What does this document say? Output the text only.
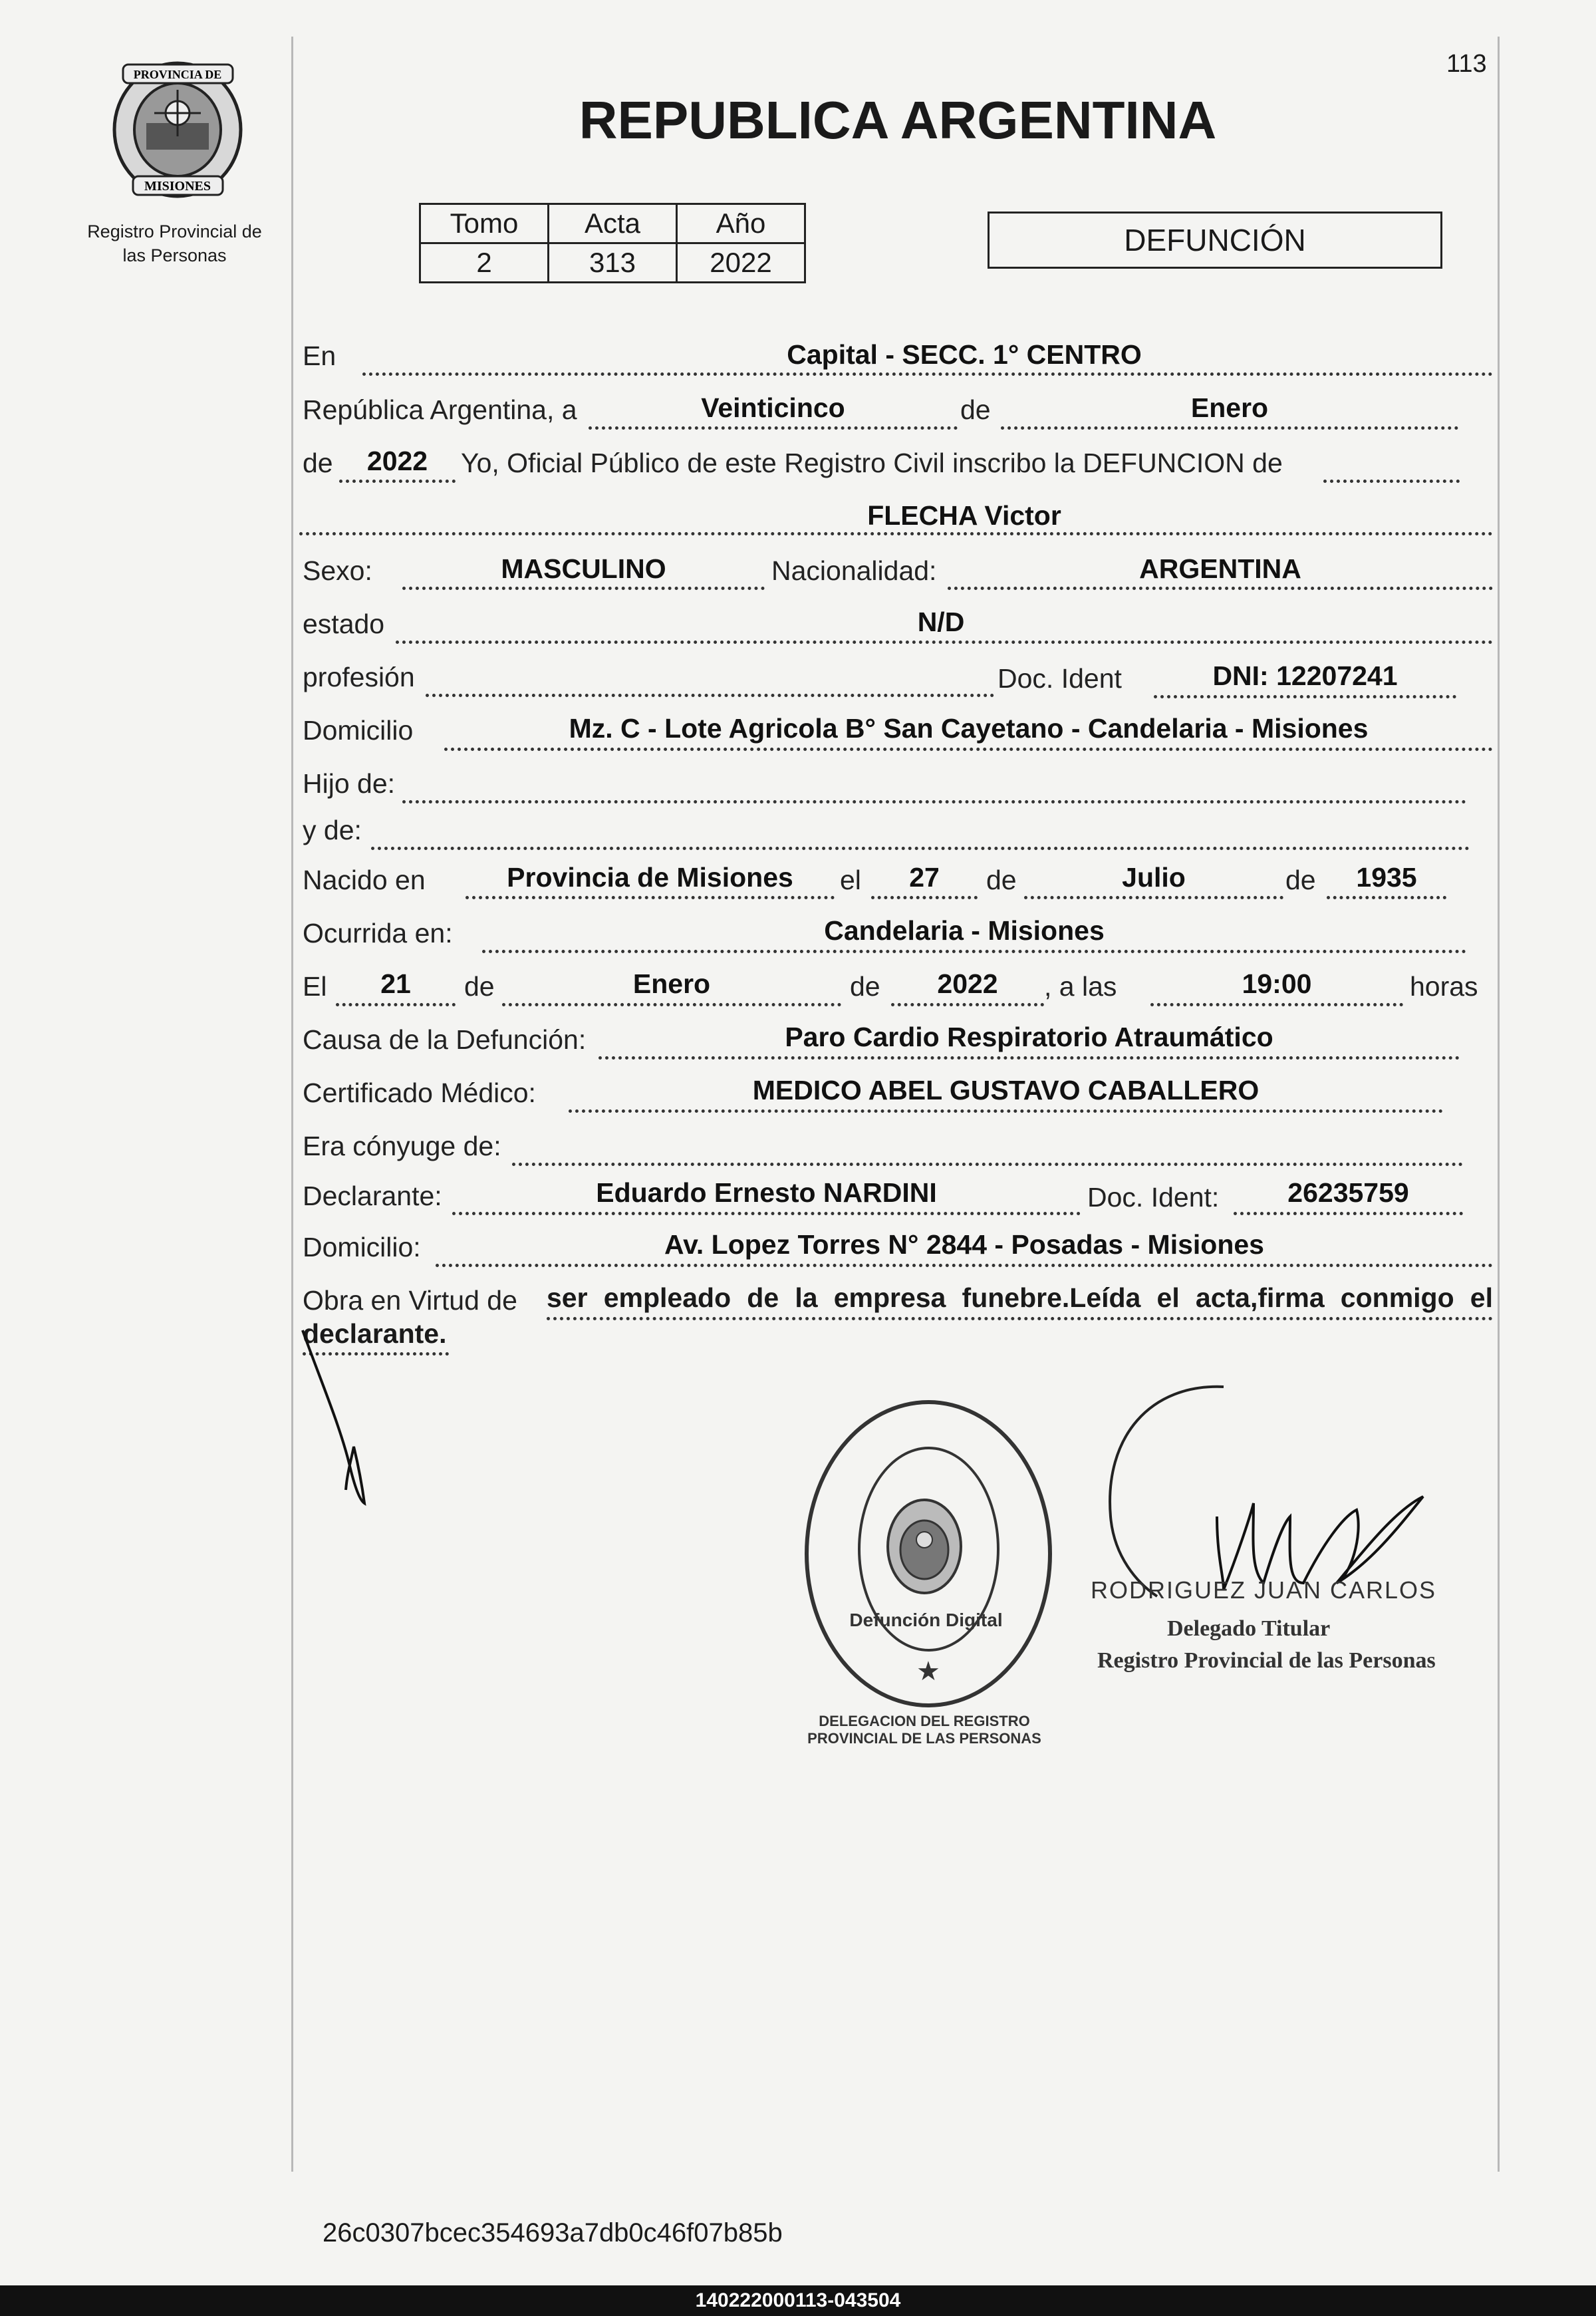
113
PROVINCIA DE
MISIONES
Registro Provincial de
las Personas
REPUBLICA ARGENTINA
Tomo	Acta	Año
2	313	2022
DEFUNCIÓN
En	Capital - SECC. 1° CENTRO
República Argentina, a	Veinticinco	de	Enero
de	2022	Yo, Oficial Público de este Registro Civil inscribo la DEFUNCION de
FLECHA Victor
Sexo:	MASCULINO	Nacionalidad:	ARGENTINA
estado	N/D
profesión	Doc. Ident	DNI: 12207241
Domicilio	Mz. C - Lote Agricola B° San Cayetano - Candelaria - Misiones
Hijo de:
y de:
Nacido en	Provincia de Misiones	el	27	de	Julio	de	1935
Ocurrida en:	Candelaria - Misiones
El	21	de	Enero	de	2022	, a las	19:00	horas
Causa de la Defunción:	Paro Cardio Respiratorio Atraumático
Certificado Médico:	MEDICO ABEL GUSTAVO CABALLERO
Era cónyuge de:
Declarante:	Eduardo Ernesto NARDINI	Doc. Ident:	26235759
Domicilio:	Av. Lopez Torres N° 2844 - Posadas - Misiones
Obra en Virtud de ser empleado de la empresa funebre.Leída el acta,firma conmigo el
declarante.
DELEGACION DEL REGISTRO PROVINCIAL DE LAS PERSONAS
Defunción Digital
★
RODRIGUEZ JUAN CARLOS
Delegado Titular
Registro Provincial de las Personas
26c0307bcec354693a7db0c46f07b85b
140222000113-043504
